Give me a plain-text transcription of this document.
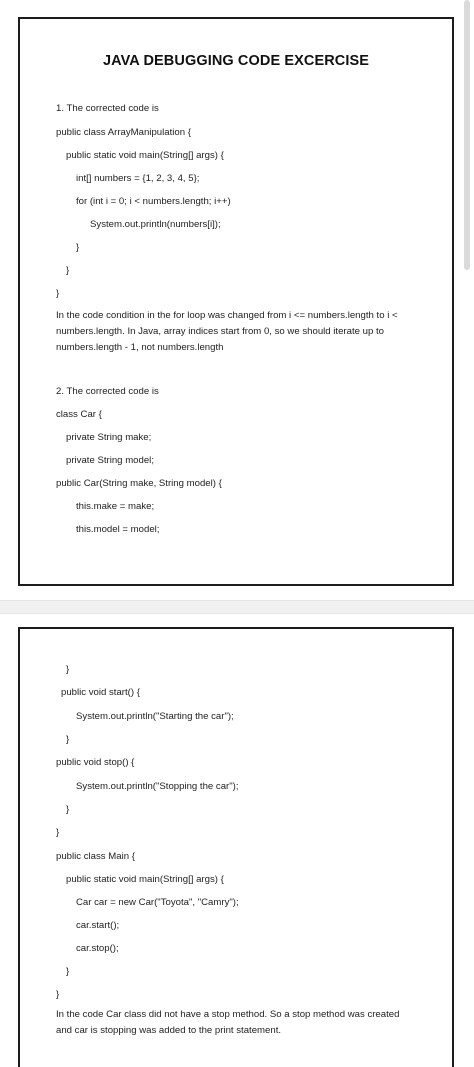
JAVA DEBUGGING CODE EXCERCISE
1. The corrected code is
public class ArrayManipulation {
public static void main(String[] args) {
int[] numbers = {1, 2, 3, 4, 5};
for (int i = 0; i < numbers.length; i++)
System.out.println(numbers[i]);
}
}
}
In the code condition in the for loop was changed from i <= numbers.length to i < numbers.length. In Java, array indices start from 0, so we should iterate up to numbers.length - 1, not numbers.length
2. The corrected code is
class Car {
private String make;
private String model;
public Car(String make, String model) {
this.make = make;
this.model = model;
}
public void start() {
System.out.println("Starting the car");
}
public void stop() {
System.out.println("Stopping the car");
}
}
public class Main {
public static void main(String[] args) {
Car car = new Car("Toyota", "Camry");
car.start();
car.stop();
}
}
In the code Car class did not have a stop method. So a stop method was created and car is stopping was added to the print statement.
